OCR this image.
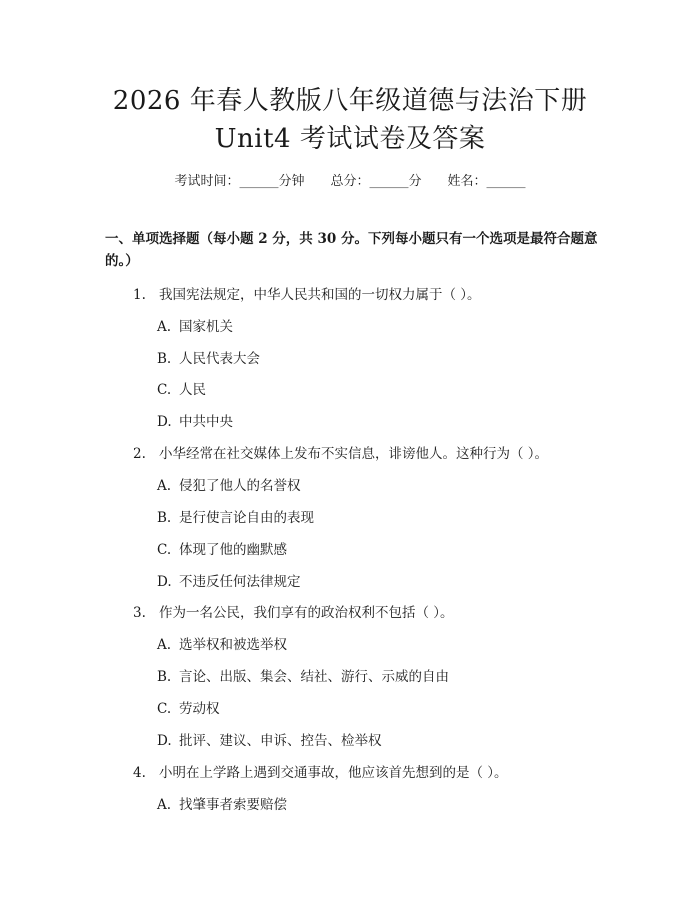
2026 年春人教版八年级道德与法治下册
Unit4 考试试卷及答案
考试时间：______分钟 总分：______分 姓名：______
一、单项选择题（每小题 2 分，共 30 分。下列每小题只有一个选项是最符合题意的。）
1. 我国宪法规定，中华人民共和国的一切权力属于（ ）。
A. 国家机关
B. 人民代表大会
C. 人民
D. 中共中央
2. 小华经常在社交媒体上发布不实信息，诽谤他人。这种行为（ ）。
A. 侵犯了他人的名誉权
B. 是行使言论自由的表现
C. 体现了他的幽默感
D. 不违反任何法律规定
3. 作为一名公民，我们享有的政治权利不包括（ ）。
A. 选举权和被选举权
B. 言论、出版、集会、结社、游行、示威的自由
C. 劳动权
D. 批评、建议、申诉、控告、检举权
4. 小明在上学路上遇到交通事故，他应该首先想到的是（ ）。
A. 找肇事者索要赔偿
